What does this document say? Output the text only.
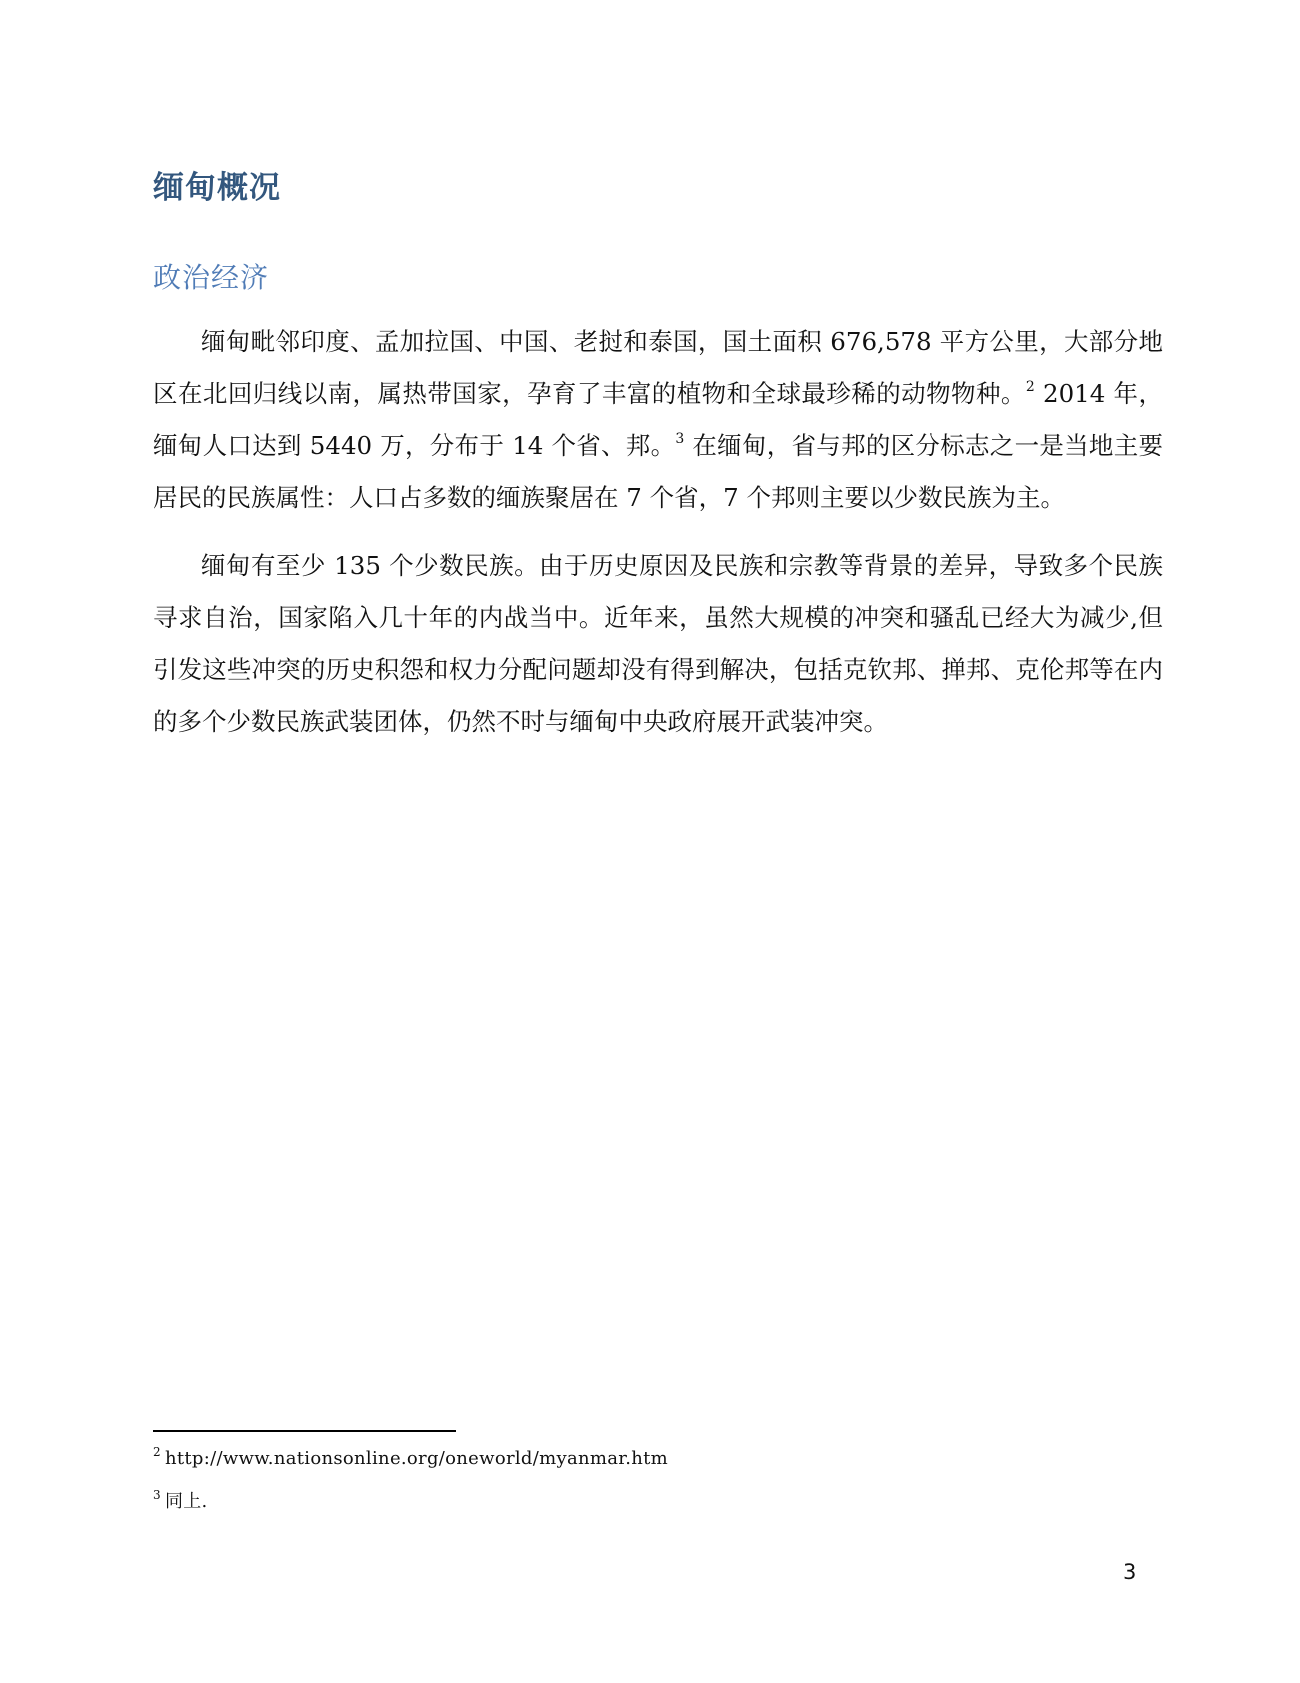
缅甸概况
政治经济

缅甸毗邻印度、孟加拉国、中国、老挝和泰国，国土面积 676,578 平方公里，大部分地区在北回归线以南，属热带国家，孕育了丰富的植物和全球最珍稀的动物物种。$^2$ 2014 年，缅甸人口达到 5440 万，分布于 14 个省、邦。$^3$ 在缅甸，省与邦的区分标志之一是当地主要居民的民族属性：人口占多数的缅族聚居在 7 个省，7 个邦则主要以少数民族为主。

缅甸有至少 135 个少数民族。由于历史原因及民族和宗教等背景的差异，导致多个民族寻求自治，国家陷入几十年的内战当中。近年来，虽然大规模的冲突和骚乱已经大为减少,但引发这些冲突的历史积怨和权力分配问题却没有得到解决，包括克钦邦、掸邦、克伦邦等在内的多个少数民族武装团体，仍然不时与缅甸中央政府展开武装冲突。

$^2$ http://www.nationsonline.org/oneworld/myanmar.htm
$^3$ 同上.
3
